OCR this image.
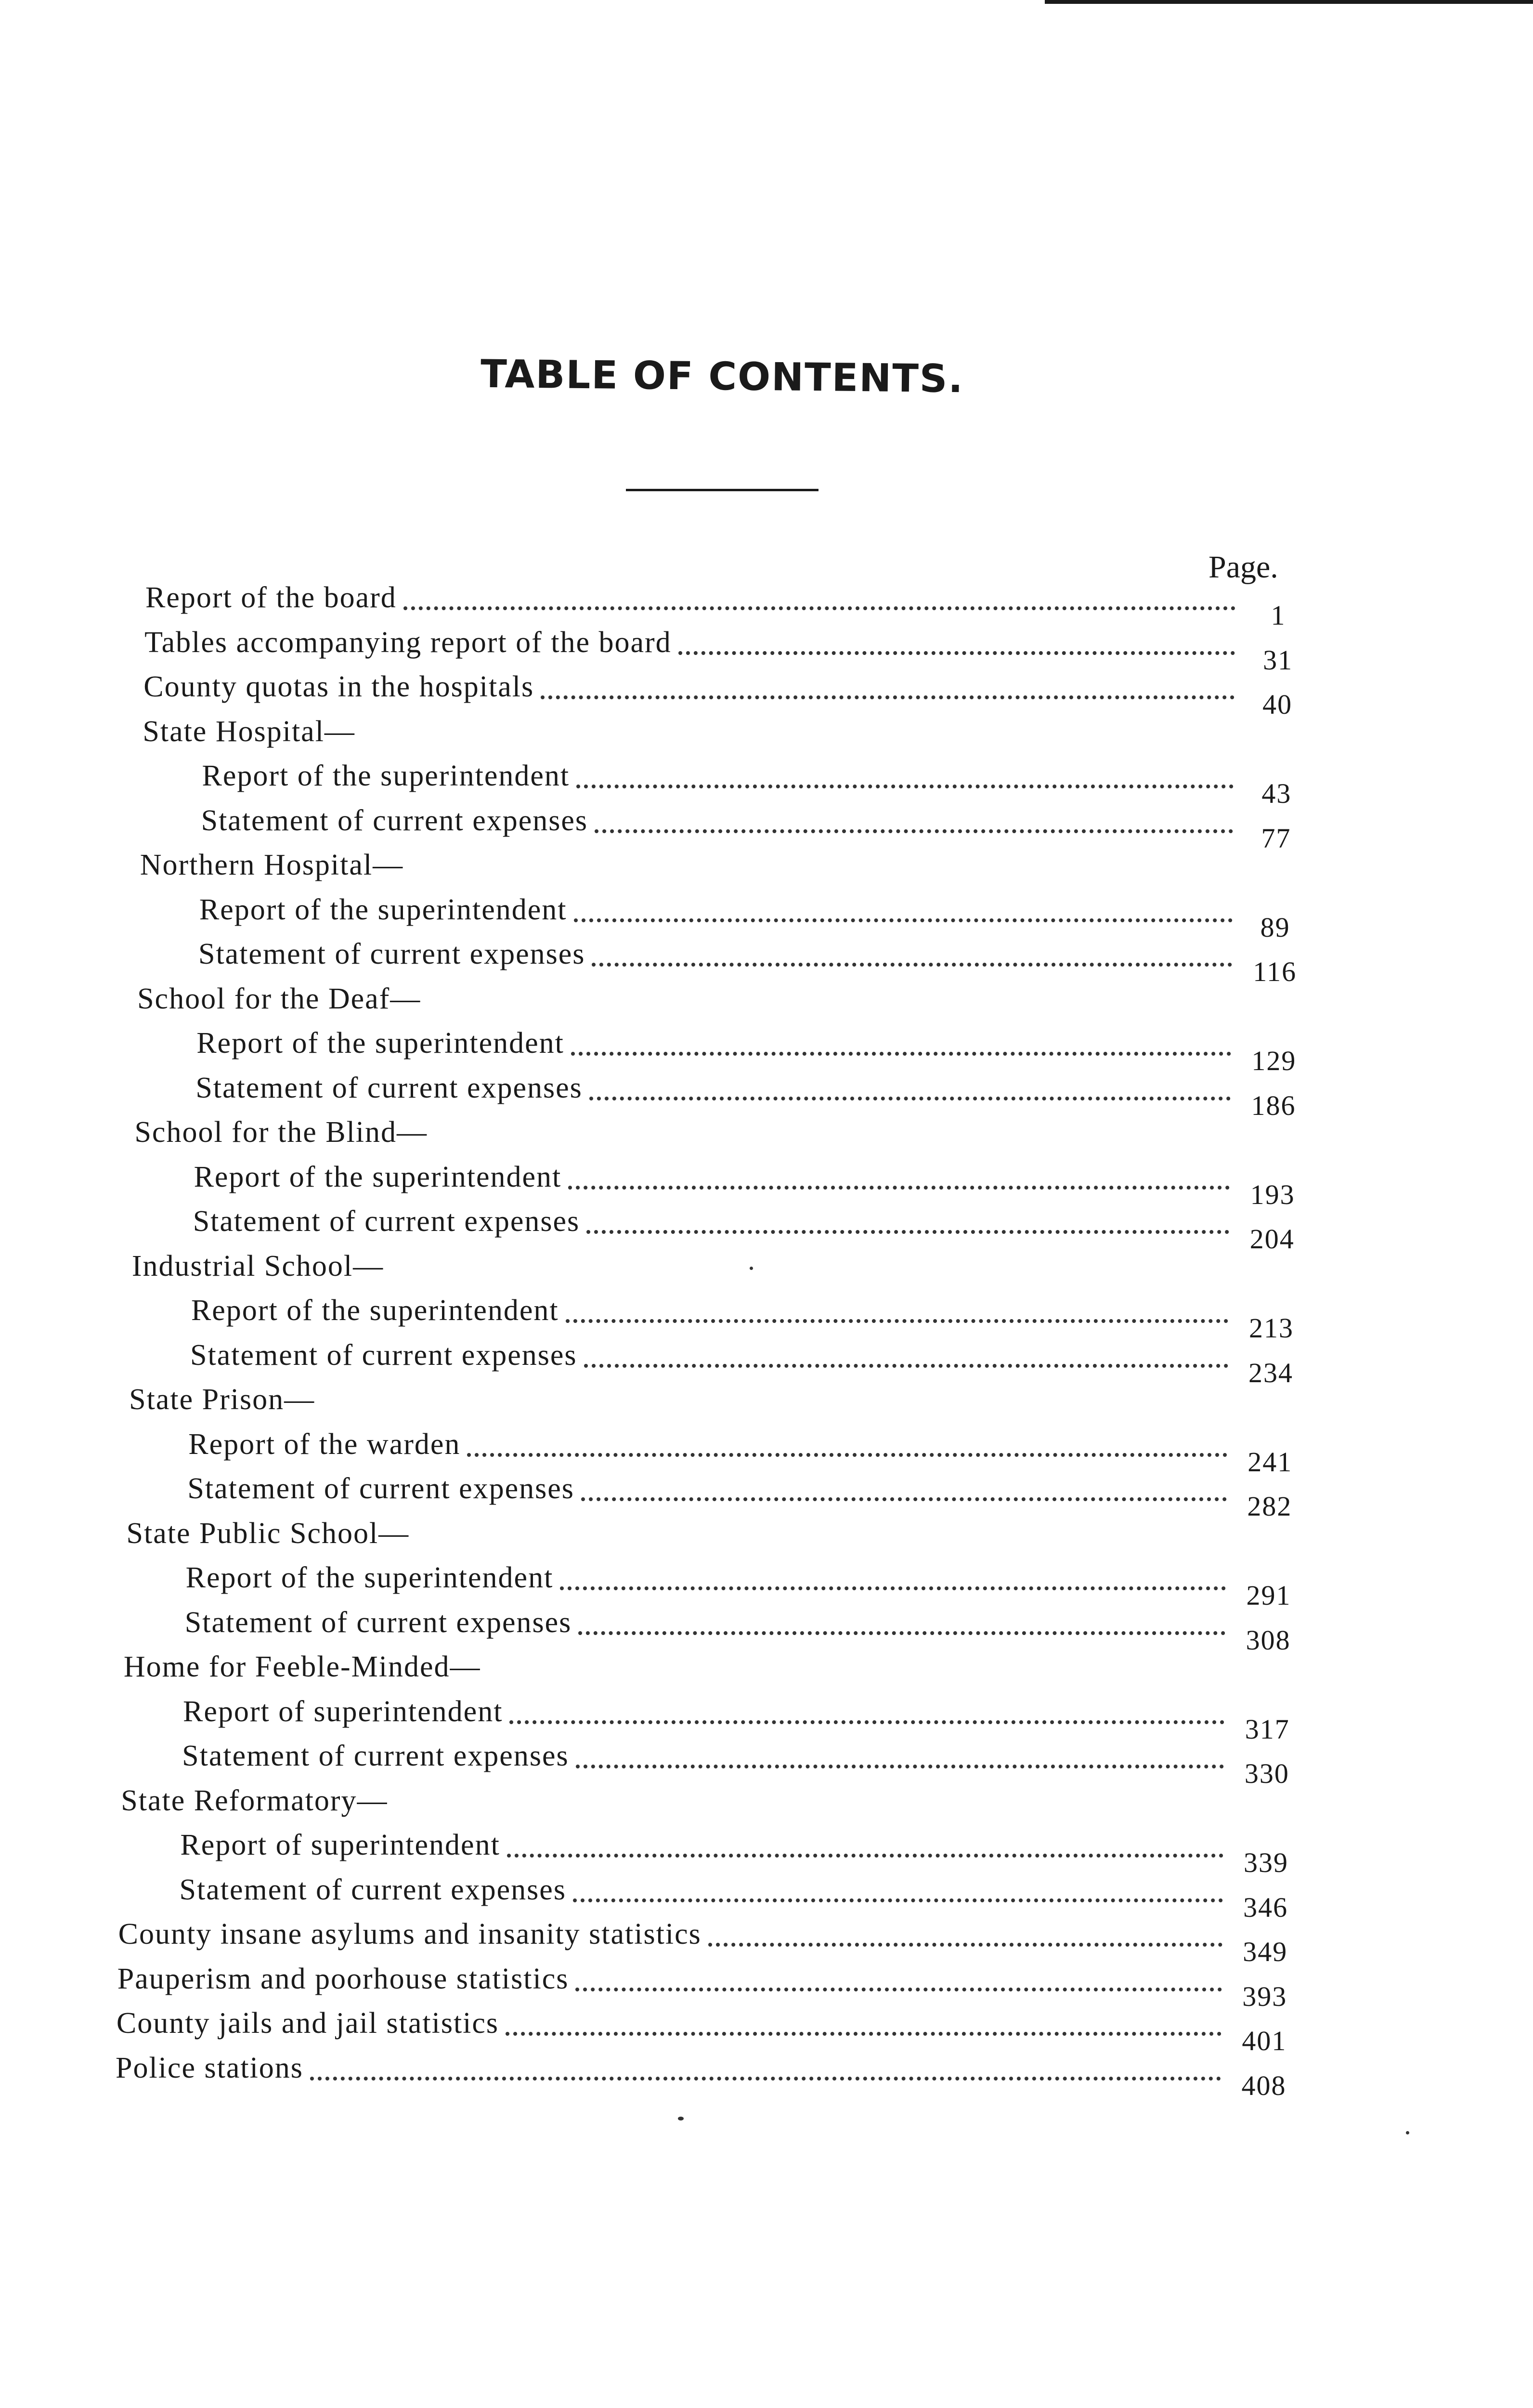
TABLE OF CONTENTS.
Page.
Report of the board
1
Tables accompanying report of the board
31
County quotas in the hospitals
40
State Hospital—
Report of the superintendent
43
Statement of current expenses
77
Northern Hospital—
Report of the superintendent
89
Statement of current expenses
116
School for the Deaf—
Report of the superintendent
129
Statement of current expenses
186
School for the Blind—
Report of the superintendent
193
Statement of current expenses
204
Industrial School—
Report of the superintendent
213
Statement of current expenses
234
State Prison—
Report of the warden
241
Statement of current expenses
282
State Public School—
Report of the superintendent
291
Statement of current expenses
308
Home for Feeble-Minded—
Report of superintendent
317
Statement of current expenses
330
State Reformatory—
Report of superintendent
339
Statement of current expenses
346
County insane asylums and insanity statistics
349
Pauperism and poorhouse statistics
393
County jails and jail statistics
401
Police stations
408
